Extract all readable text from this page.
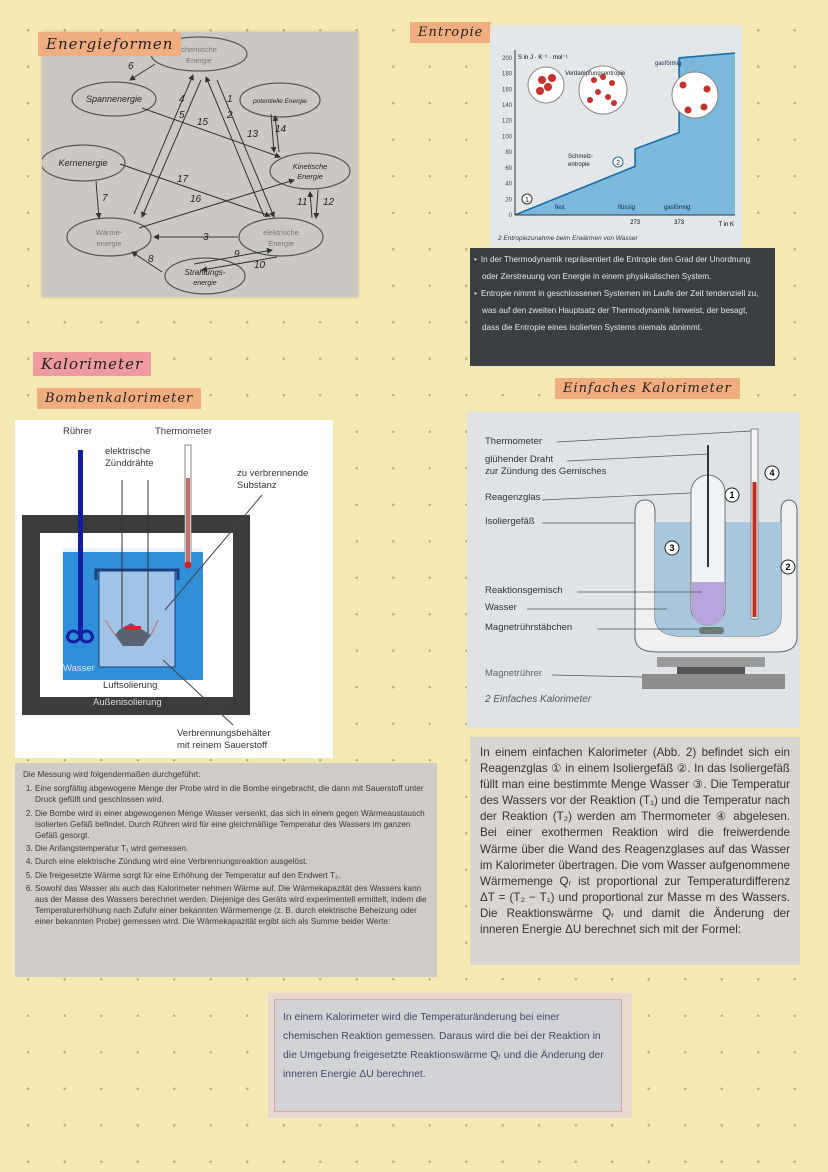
chemische
Energie
Wärme-
energie
elektrische
Energie
Spannenergie	potentielle Energie
Kernenergie	Kinetische
Energie
Strahlungs-
energie
1
2
3
4
5
6
7
8	9
10
11 12
13 14
15
16
17
Energieformen
Entropie
0
20
40
60
80
100
120
140
160
180
200 S in J · K⁻¹ · mol⁻¹
T in K
273	373
fest	flüssig	gasförmig
gasförmig
Verdampfungsentropie
Schmelz-
entropie
1
2
2 Entropiezunahme beim Erwärmen von Wasser
• In der Thermodynamik repräsentiert die Entropie den Grad der Unordnung oder Zerstreuung von Energie in einem physikalischen System.
• Entropie nimmt in geschlossenen Systemen im Laufe der Zeit tendenziell zu, was auf den zweiten Hauptsatz der Thermodynamik hinweist, der besagt, dass die Entropie eines isolierten Systems niemals abnimmt.
Kalorimeter
Bombenkalorimeter
Rührer	Thermometer
elektrische
Zünddrähte
zu verbrennende
Substanz
Wasser
Luftsolierung
Außenisolierung
Verbrennungsbehälter
mit reinem Sauerstoff
Die Messung wird folgendermaßen durchgeführt:
1. Eine sorgfältig abgewogene Menge der Probe wird in die Bombe eingebracht, die dann mit Sauerstoff unter Druck gefüllt und geschlossen wird.
2. Die Bombe wird in einer abgewogenen Menge Wasser versenkt, das sich in einem gegen Wärmeaustausch isolierten Gefäß befindet. Durch Rühren wird für eine gleichmäßige Temperatur des Wassers im ganzen Gefäß gesorgt.
3. Die Anfangstemperatur T₁ wird gemessen.
4. Durch eine elektrische Zündung wird eine Verbrennungsreaktion ausgelöst.
5. Die freigesetzte Wärme sorgt für eine Erhöhung der Temperatur auf den Endwert T₂.
6. Sowohl das Wasser als auch das Kalorimeter nehmen Wärme auf. Die Wärmekapazität des Wassers kann aus der Masse des Wassers berechnet werden. Diejenige des Geräts wird experimentell ermittelt, indem die Temperaturerhöhung nach Zufuhr einer bekannten Wärmemenge (z. B. durch elektrische Beheizung oder einer bekannten Probe) gemessen wird. Die Wärmekapazität ergibt sich als Summe beider Werte:
Einfaches Kalorimeter
1
2
3
4
Thermometer
glühender Draht
zur Zündung des Gemisches
Reagenzglas
Isoliergefäß
Reaktionsgemisch
Wasser
Magnetrührstäbchen
Magnetrührer
2 Einfaches Kalorimeter
In einem einfachen Kalorimeter (Abb. 2) befindet sich ein Reagenzglas ① in einem Isoliergefäß ②. In das Isoliergefäß füllt man eine bestimmte Menge Wasser ③. Die Temperatur des Wassers vor der Reaktion (T₁) und die Temperatur nach der Reaktion (T₂) werden am Thermometer ④ abgelesen. Bei einer exothermen Reaktion wird die freiwerdende Wärme über die Wand des Reagenzglases auf das Wasser im Kalorimeter übertragen. Die vom Wasser aufgenommene Wärmemenge Qᵣ ist proportional zur Temperaturdifferenz ΔT = (T₂ − T₁) und proportional zur Masse m des Wassers. Die Reaktionswärme Qᵣ und damit die Änderung der inneren Energie ΔU berechnet sich mit der Formel:
In einem Kalorimeter wird die Temperaturänderung bei einer chemischen Reaktion gemessen. Daraus wird die bei der Reaktion in die Umgebung freigesetzte Reaktionswärme Qᵣ und die Änderung der inneren Energie ΔU berechnet.
